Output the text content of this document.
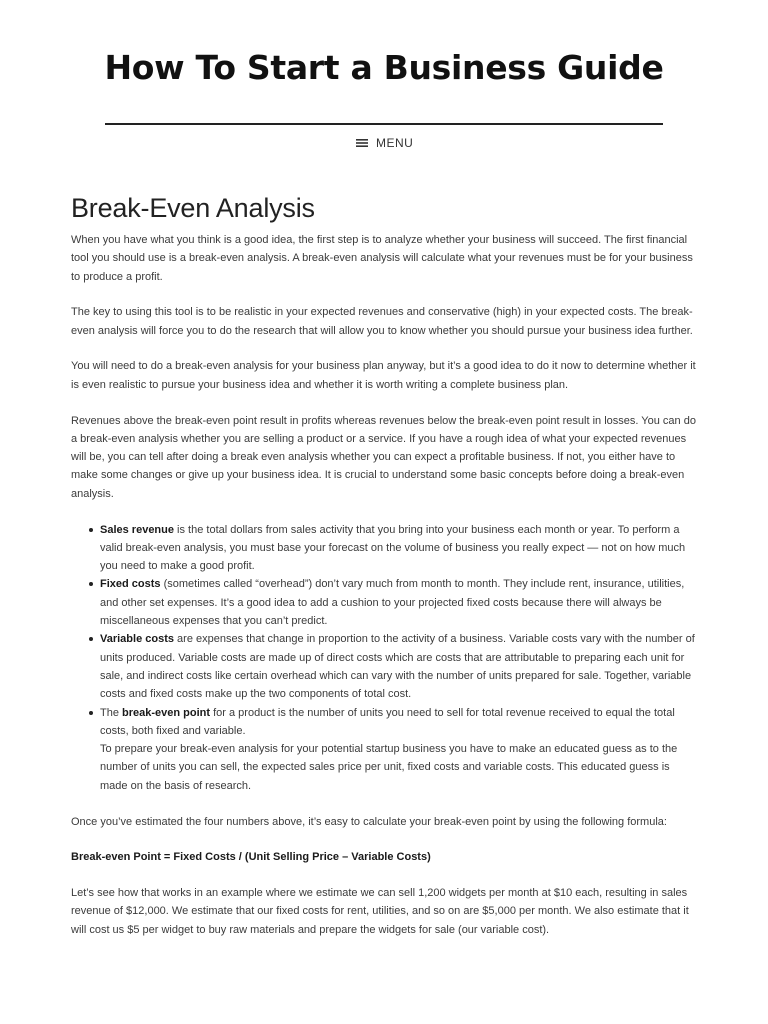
How To Start a Business Guide
MENU
Break-Even Analysis

When you have what you think is a good idea, the first step is to analyze whether your business will succeed. The first financial tool you should use is a break-even analysis. A break-even analysis will calculate what your revenues must be for your business to produce a profit.

The key to using this tool is to be realistic in your expected revenues and conservative (high) in your expected costs. The break-even analysis will force you to do the research that will allow you to know whether you should pursue your business idea further.

You will need to do a break-even analysis for your business plan anyway, but it’s a good idea to do it now to determine whether it is even realistic to pursue your business idea and whether it is worth writing a complete business plan.

Revenues above the break-even point result in profits whereas revenues below the break-even point result in losses. You can do a break-even analysis whether you are selling a product or a service. If you have a rough idea of what your expected revenues will be, you can tell after doing a break even analysis whether you can expect a profitable business. If not, you either have to make some changes or give up your business idea. It is crucial to understand some basic concepts before doing a break-even analysis.

Sales revenue is the total dollars from sales activity that you bring into your business each month or year. To perform a valid break-even analysis, you must base your forecast on the volume of business you really expect — not on how much you need to make a good profit.
Fixed costs (sometimes called “overhead”) don’t vary much from month to month. They include rent, insurance, utilities, and other set expenses. It’s a good idea to add a cushion to your projected fixed costs because there will always be miscellaneous expenses that you can’t predict.
Variable costs are expenses that change in proportion to the activity of a business. Variable costs vary with the number of units produced. Variable costs are made up of direct costs which are costs that are attributable to preparing each unit for sale, and indirect costs like certain overhead which can vary with the number of units prepared for sale. Together, variable costs and fixed costs make up the two components of total cost.
The break-even point for a product is the number of units you need to sell for total revenue received to equal the total costs, both fixed and variable.
To prepare your break-even analysis for your potential startup business you have to make an educated guess as to the number of units you can sell, the expected sales price per unit, fixed costs and variable costs. This educated guess is made on the basis of research.

Once you’ve estimated the four numbers above, it’s easy to calculate your break-even point by using the following formula:

Break-even Point = Fixed Costs / (Unit Selling Price – Variable Costs)

Let’s see how that works in an example where we estimate we can sell 1,200 widgets per month at $10 each, resulting in sales revenue of $12,000. We estimate that our fixed costs for rent, utilities, and so on are $5,000 per month. We also estimate that it will cost us $5 per widget to buy raw materials and prepare the widgets for sale (our variable cost).
